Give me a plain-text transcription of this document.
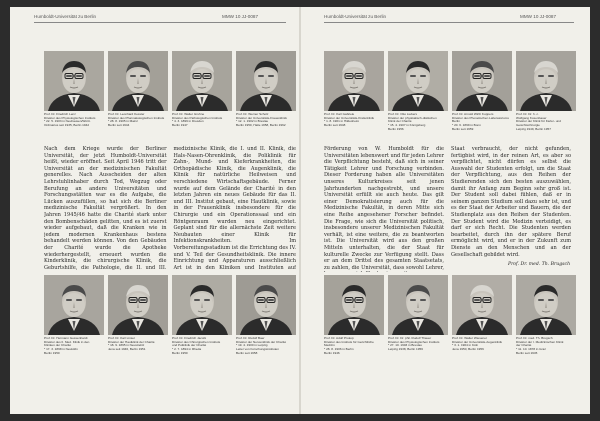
Humboldt-Universität zu Berlin	MMW 10 JJ-0087
Prof. Dr. Friedrich Lenz
Direktor des Physiologischen Instituts
* 22. 5. 1903 in Neuhausen/Württ.
Ordinarius seit 1935, Berlin 1942
Prof. Dr. Leonhard Kessler
Direktor des Pharmakologischen Instituts
* 28. 8. 1905 in Mainz
Berlin seit 1944
Prof. Dr. Walter Gruhne
Direktor des Pathologischen Instituts
* 4. 3. 1899 in Dresden
Berlin 1947
Prof. Dr. Werner Scholz
Direktor der Universitäts-Frauenklinik
* 12. 1. 1902 in Breslau
Berlin 1950, Halle 1958, Berlin 1962
Nach dem Kriege wurde der Berliner Universität, der jetzt Humboldt-Universität heißt, wieder eröffnet. Seit April 1946 tritt der Universität an der medizinischen Fakultät generelles. Nach Ausscheiden der alten Lehrstuhlinhaber durch Tod, Wegzug oder Berufung an andere Universitäten und Forschungsstätten war es die Aufgabe, die Lücken auszufüllen, so hat sich die Berliner medizinische Fakultät vergrößert. In den Jahren 1945/46 hatte die Charité stark unter den Bombenschäden gelitten, und es ist zuerst wieder aufgebaut, daß die Kranken wie in jedem modernen Krankenhaus bestens behandelt werden können. Von den Gebäuden der Charité wurde die Apotheke wiederhergestellt, erneuert wurden die Kinderklinik, die chirurgische Klinik, die Geburtshilfe, die Pathologie, die II. und III. medizinische Klinik, die I. und II. Klinik, die Hals-Nasen-Ohrenklinik, die Poliklinik für Zahn-, Mund- und Kieferkrankheiten, die Orthopädische Klinik, die Augenklinik, die Klinik für natürliche Heilweisen und verschiedene Wirtschaftsgebäude. Ferner wurde auf dem Gelände der Charité in den letzten Jahren ein neues Gebäude für das II. und III. Institut gebaut, eine Hautklinik, sowie in der Frauenklinik insbesondere für die Chirurgie und ein Operationssaal und ein Röntgenraum wurden neu eingerichtet. Geplant sind für die allernächste Zeit weitere Neubauten einer Klinik für Infektionskrankheiten. Im Vorbereitungsstadium ist die Errichtung des IV. und V. Teil der Gesundheitsklinik. Die innere Einrichtung und Apparaturen ausschließlich Art ist in den Kliniken und Instituten auf
Prof. Dr. Hermann Gessenhardt
Direktor des II. Med. Klinik in den
Kliniken der Charité
* 17. 3. 1898 in Neukölln
Berlin 1950
Prof. Dr. Karl Linser
Direktor der Hautklinik der Charité
* 18. 9. 1895 in Neustrelitz
Jena seit 1946, Berlin 1951
Prof. Dr. Friedrich Jacobi
Direktor des Chirurgischen Instituts
und Poliklinik der Charité
* 2. 7. 1894 in Rheda
Berlin 1950
Prof. Dr. Rudolf Baer
Direktor der Nervenklinik der Charité
* 19. 4. 1900 in Leipzig
Leiter von Forschungsinstituten
Berlin seit 1958
Humboldt-Universität zu Berlin	MMW 10 JJ-0087
Prof. Dr. Karl Gabriele
Direktor der Universitäts-Kinderklinik
* 1. 8. 1901 in Hildesheim
Berlin seit 1948
Prof. Dr. Otto Liebers
Direktor der physikalisch-diätischen
Klinik der Charité
* 15. 4. 1907 in Königsberg
Berlin 1956
Prof. Dr. Arnold Wirth Kuppers
Direktor des Phonetischen Laboratoriums
Berlin
* 20. 6. 1899 in Bonn
Berlin seit 1959
Prof. Dr. Dr. h. c.
Wolfgang Kosenbauer
Direktor der Klinik für Kiefer- und
Gesichtschirurgie
Leipzig 1949, Berlin 1957
Förderung von W. Humboldt für die Universitäten lebenswert und für jeden Lehrer die Verpflichtung besteht, daß sich in seiner Tätigkeit Lehrer und Forschung verbinden. Dieser Forderung haben alle Universitäten unseres Kulturkreises seit jenen Jahrhunderten nachgestrebt, und unsere Universität erfüllt sie auch heute. Das gilt einer Demokratisierung auch für die Medizinische Fakultät, in deren Mitte sich eine Reihe angesehener Forscher befindet. Die Frage, wie sich die Universität politisch, insbesondere unserer Medizinischen Fakultät verhält, ist eine weitere, die zu beantworten ist. Die Universität wird aus den großen Mitteln unterhalten, die der Staat für kulturelle Zwecke zur Verfügung stellt. Dass er an dem Drittel des gesamten Staatsetats, zu zahlen, die Universität, dass sowohl Lehrer,
Staat verbraucht, der nicht gefunden, fertigbist wird, in der reinen Art, es aber so verpflichtet, nicht dürfen es selbst die Auswahl der Studenten erfolgt, um die Staat der Verpflichtung, aus den Reihen der Studierenden sich den besten auszuwählen, damit ihr Anfang zum Beginn sehr groß ist. Der Student soll dabei fühlen, daß er in seinem ganzen Studium soll dazu sehr ist, und es der Staat der Arbeiter und Bauern, die der Studienplatz aus den Reihen der Studenten. Der Student wird die Medizin verteidigt, es darf er sich Recht. Die Studenten werden bearbeitet, durch ihn der spätere Beruf ermöglicht wird, und er in der Zukunft zum Dienste an den Menschen und an der Gesellschaft gebildet wird.
Prof. Dr. med. Th. Brugsch
Prof. Dr. Adolf Prokop
Direktor des Instituts für Gerichtliche
Medizin
* 28. 8. 1906 in Berlin
Berlin 1946
Prof. Dr. Dr. phil. Rudolf Thauer
Direktor des Physiologischen Instituts
* 27. 10. 1903 in Breslau
Leipzig 1938, Berlin 1956
Prof. Dr. Walter Wiesener
Direktor der Universitäts-Augenklinik
* 3. 1. 1904 in Köln
Jena 1950, Berlin 1956
Prof. Dr. med. Th. Brugsch
Direktor der I. Medizinischen Klinik
der Charité
* 11. 10. 1878 in Graz
Berlin seit 1945
